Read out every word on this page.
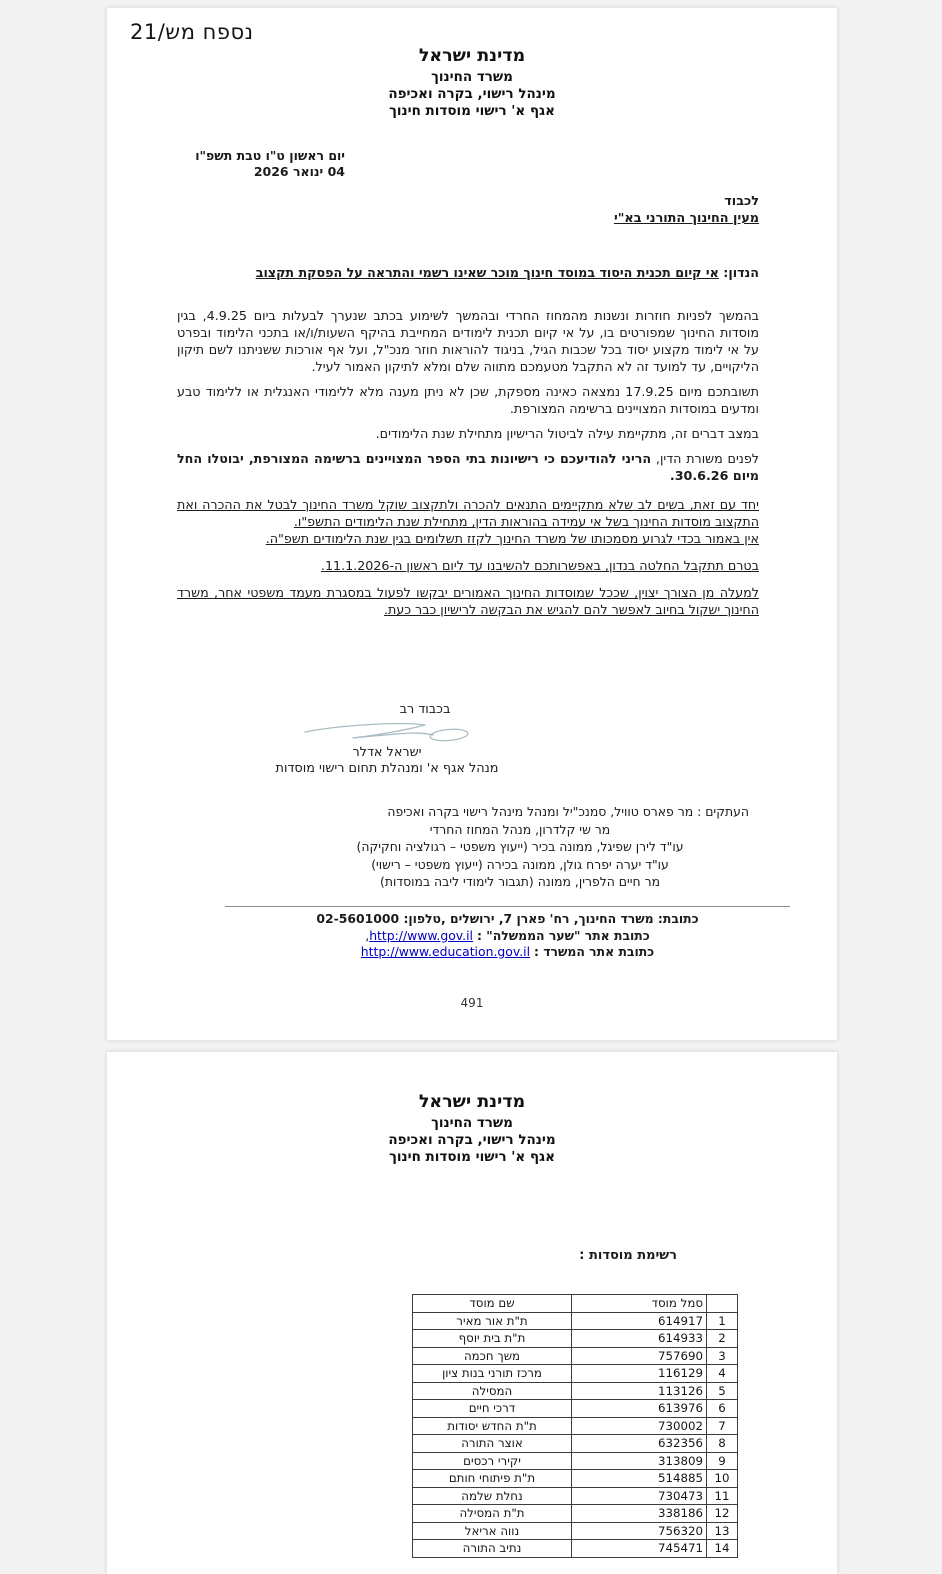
נספח מש/21
מדינת ישראל
משרד החינוך
מינהל רישוי, בקרה ואכיפה
אגף א' רישוי מוסדות חינוך
יום ראשון ט"ו טבת תשפ"ו
04 ינואר 2026
לכבוד
מעין החינוך התורני בא"י
הנדון: אי קיום תכנית היסוד במוסד חינוך מוכר שאינו רשמי והתראה על הפסקת תקצוב

בהמשך לפניות חוזרות ונשנות מהמחוז החרדי ובהמשך לשימוע בכתב שנערך לבעלות ביום 4.9.25, בגין מוסדות החינוך שמפורטים בו, על אי קיום תכנית לימודים המחייבת בהיקף השעות/ו/או בתכני הלימוד ובפרט על אי לימוד מקצוע יסוד בכל שכבות הגיל, בניגוד להוראות חוזר מנכ"ל, ועל אף אורכות ששניתנו לשם תיקון הליקויים, עד למועד זה לא התקבל מטעמכם מתווה שלם ומלא לתיקון האמור לעיל.

תשובתכם מיום 17.9.25 נמצאה כאינה מספקת, שכן לא ניתן מענה מלא ללימודי האנגלית או ללימוד טבע ומדעים במוסדות המצויינים ברשימה המצורפת.

במצב דברים זה, מתקיימת עילה לביטול הרישיון מתחילת שנת הלימודים.

לפנים משורת הדין, הריני להודיעכם כי רישיונות בתי הספר המצויינים ברשימה המצורפת, יבוטלו החל מיום 30.6.26.

יחד עם זאת, בשים לב שלא מתקיימים התנאים להכרה ולתקצוב שוקל משרד החינוך לבטל את ההכרה ואת התקצוב מוסדות החינוך בשל אי עמידה בהוראות הדין, מתחילת שנת הלימודים התשפ"ו.

אין באמור בכדי לגרוע מסמכותו של משרד החינוך לקזז תשלומים בגין שנת הלימודים תשפ"ה.

בטרם תתקבל החלטה בנדון, באפשרותכם להשיבנו עד ליום ראשון ה-11.1.2026.

למעלה מן הצורך יצוין, שככל שמוסדות החינוך האמורים יבקשו לפעול במסגרת מעמד משפטי אחר, משרד החינוך ישקול בחיוב לאפשר להם להגיש את הבקשה לרישיון כבר כעת.

בכבוד רב
ישראל אדלר
מנהל אגף א' ומנהלת תחום רישוי מוסדות
העתקים : מר פארס טוויל, סמנכ"יל ומנהל מינהל רישוי בקרה ואכיפה
מר שי קלדרון, מנהל המחוז החרדי
עו"ד לירן שפיגל, ממונה בכיר (ייעוץ משפטי – רגולציה וחקיקה)
עו"ד יערה יפרח גולן, ממונה בכירה (ייעוץ משפטי – רישוי)
מר חיים הלפרין, ממונה (תגבור לימודי ליבה במוסדות)
כתובת: משרד החינוך, רח' פארן 7, ירושלים ,טלפון: 02-5601000
כתובת אתר "שער הממשלה" : http://www.gov.il,
כתובת אתר המשרד : http://www.education.gov.il
491
מדינת ישראל
משרד החינוך
מינהל רישוי, בקרה ואכיפה
אגף א' רישוי מוסדות חינוך
רשימת מוסדות :
	סמל מוסד	שם מוסד
1	614917	ת"ת אור מאיר
2	614933	ת"ת בית יוסף
3	757690	משך חכמה
4	116129	מרכז תורני בנות ציון
5	113126	המסילה
6	613976	דרכי חיים
7	730002	ת"ת החדש יסודות
8	632356	אוצר התורה
9	313809	יקירי רכסים
10	514885	ת"ת פיתוחי חותם
11	730473	נחלת שלמה
12	338186	ת"ת המסילה
13	756320	נווה אריאל
14	745471	נתיב התורה
